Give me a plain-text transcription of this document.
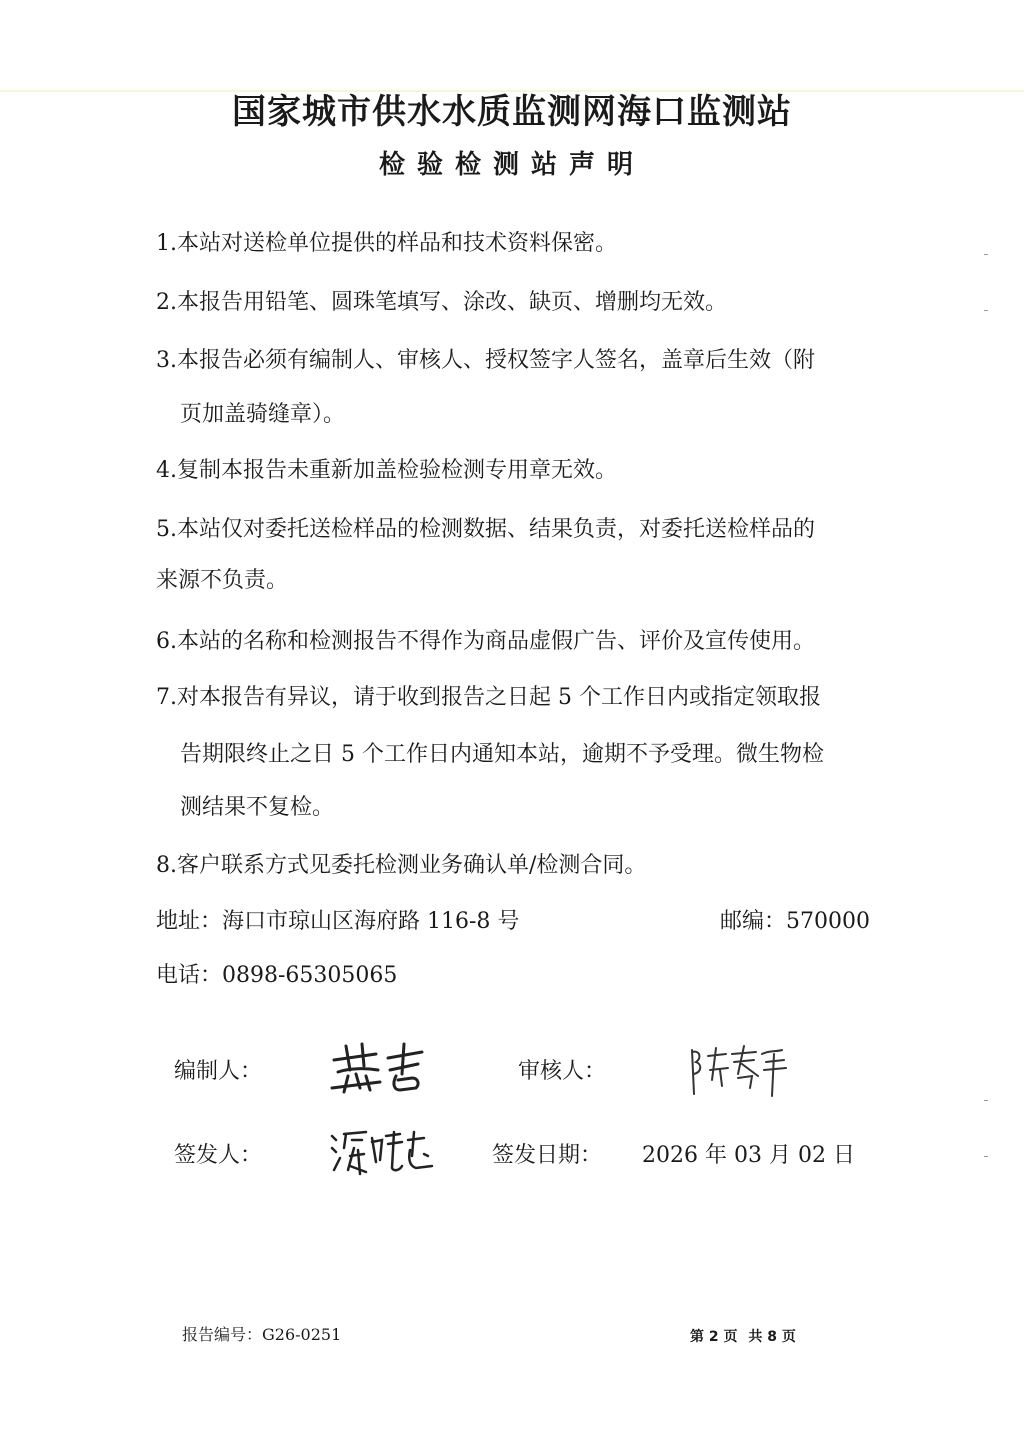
国家城市供水水质监测网海口监测站
检验检测站声明
1.本站对送检单位提供的样品和技术资料保密。
2.本报告用铅笔、圆珠笔填写、涂改、缺页、增删均无效。
3.本报告必须有编制人、审核人、授权签字人签名，盖章后生效（附
页加盖骑缝章）。
4.复制本报告未重新加盖检验检测专用章无效。
5.本站仅对委托送检样品的检测数据、结果负责，对委托送检样品的
来源不负责。
6.本站的名称和检测报告不得作为商品虚假广告、评价及宣传使用。
7.对本报告有异议，请于收到报告之日起 5 个工作日内或指定领取报
告期限终止之日 5 个工作日内通知本站，逾期不予受理。微生物检
测结果不复检。
8.客户联系方式见委托检测业务确认单/检测合同。
地址：海口市琼山区海府路 116-8 号	邮编：570000
电话：0898-65305065
编制人：	审核人：
签发人：	签发日期： 2026 年 03 月 02 日
报告编号：G26-0251	第 2 页 共 8 页
